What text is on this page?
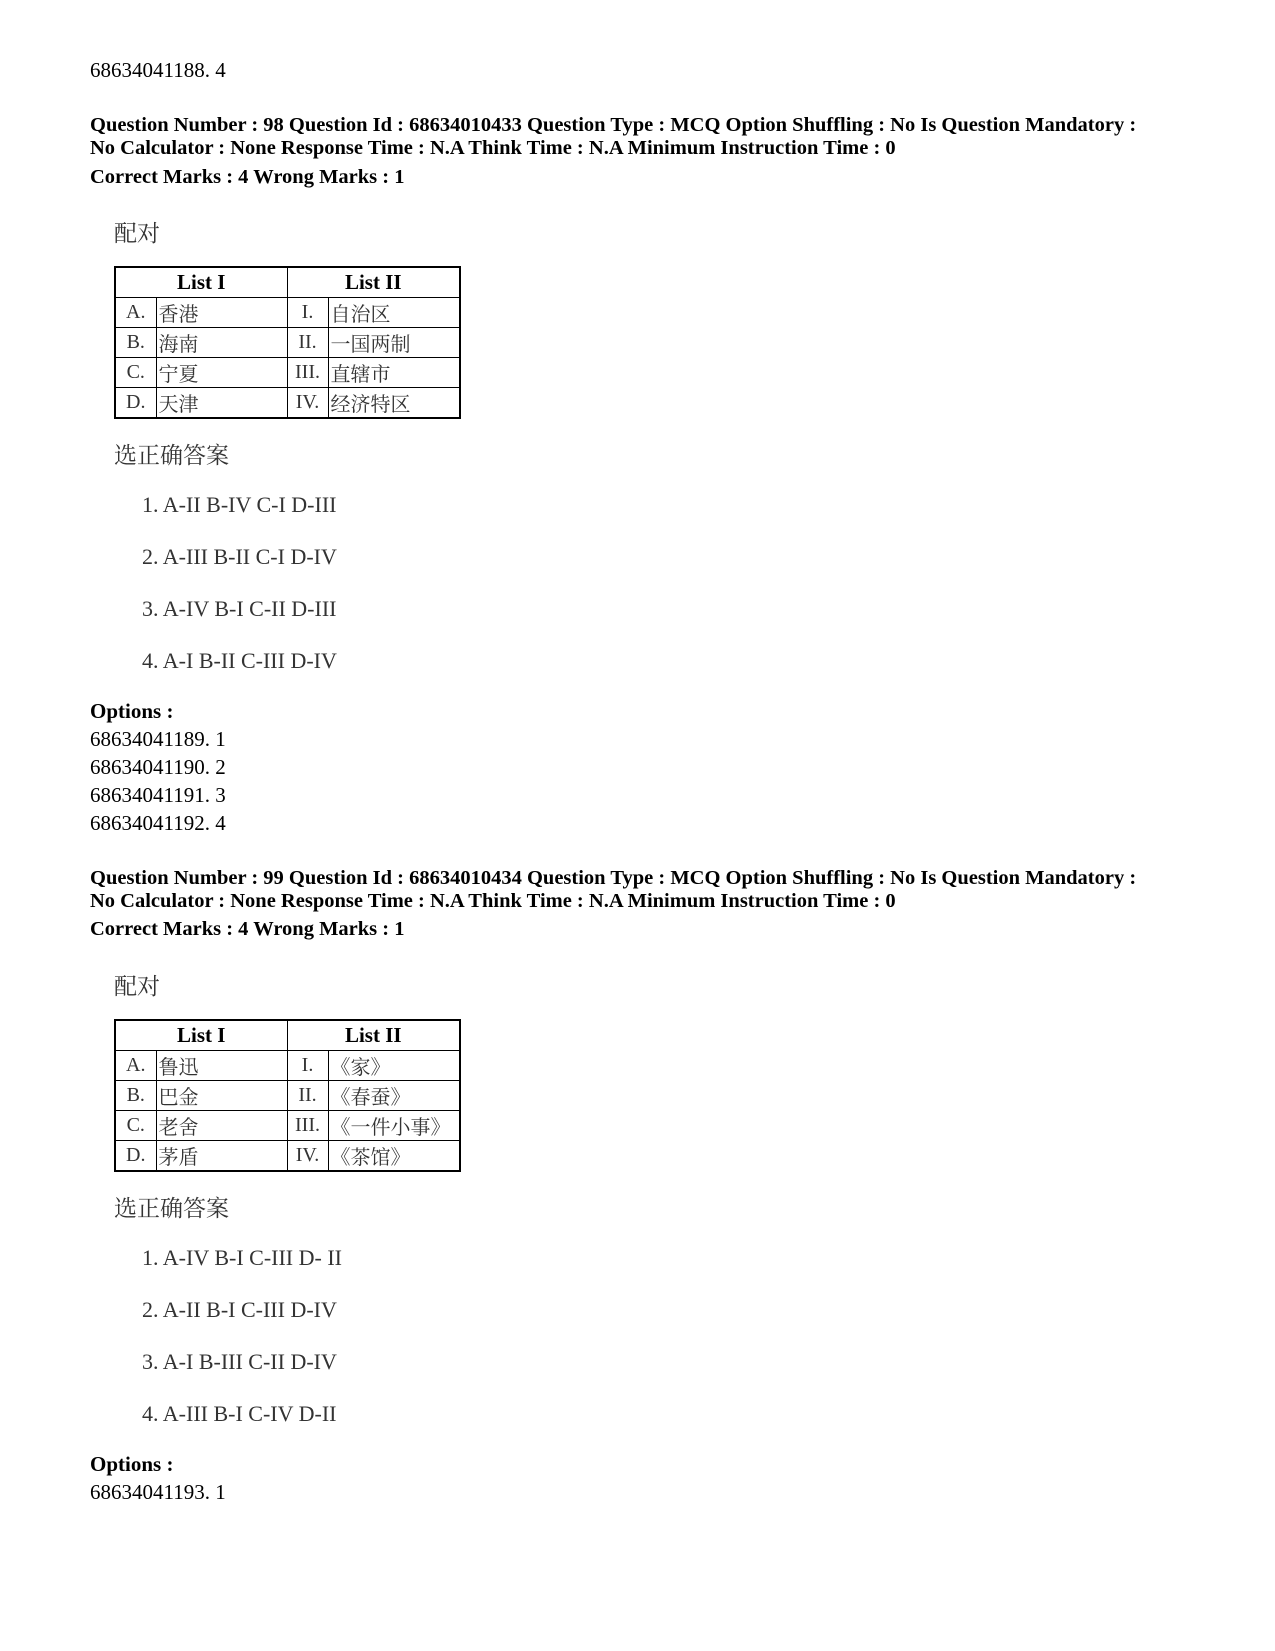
68634041188. 4
Question Number : 98 Question Id : 68634010433 Question Type : MCQ Option Shuffling : No Is Question Mandatory :
No Calculator : None Response Time : N.A Think Time : N.A Minimum Instruction Time : 0
Correct Marks : 4 Wrong Marks : 1
配对
List I		List II	
A.	香港	I.	自治区
B.	海南	II.	一国两制
C.	宁夏	III.	直辖市
D.	天津	IV.	经济特区
选正确答案
1. A-II B-IV C-I D-III
2. A-III B-II C-I D-IV
3. A-IV B-I C-II D-III
4. A-I B-II C-III D-IV
Options :
68634041189. 1
68634041190. 2
68634041191. 3
68634041192. 4
Question Number : 99 Question Id : 68634010434 Question Type : MCQ Option Shuffling : No Is Question Mandatory :
No Calculator : None Response Time : N.A Think Time : N.A Minimum Instruction Time : 0
Correct Marks : 4 Wrong Marks : 1
配对
List I		List II	
A.	鲁迅	I.	《家》
B.	巴金	II.	《春蚕》
C.	老舍	III.	《一件小事》
D.	茅盾	IV.	《茶馆》
选正确答案
1. A-IV B-I C-III D- II
2. A-II B-I C-III D-IV
3. A-I B-III C-II D-IV
4. A-III B-I C-IV D-II
Options :
68634041193. 1
